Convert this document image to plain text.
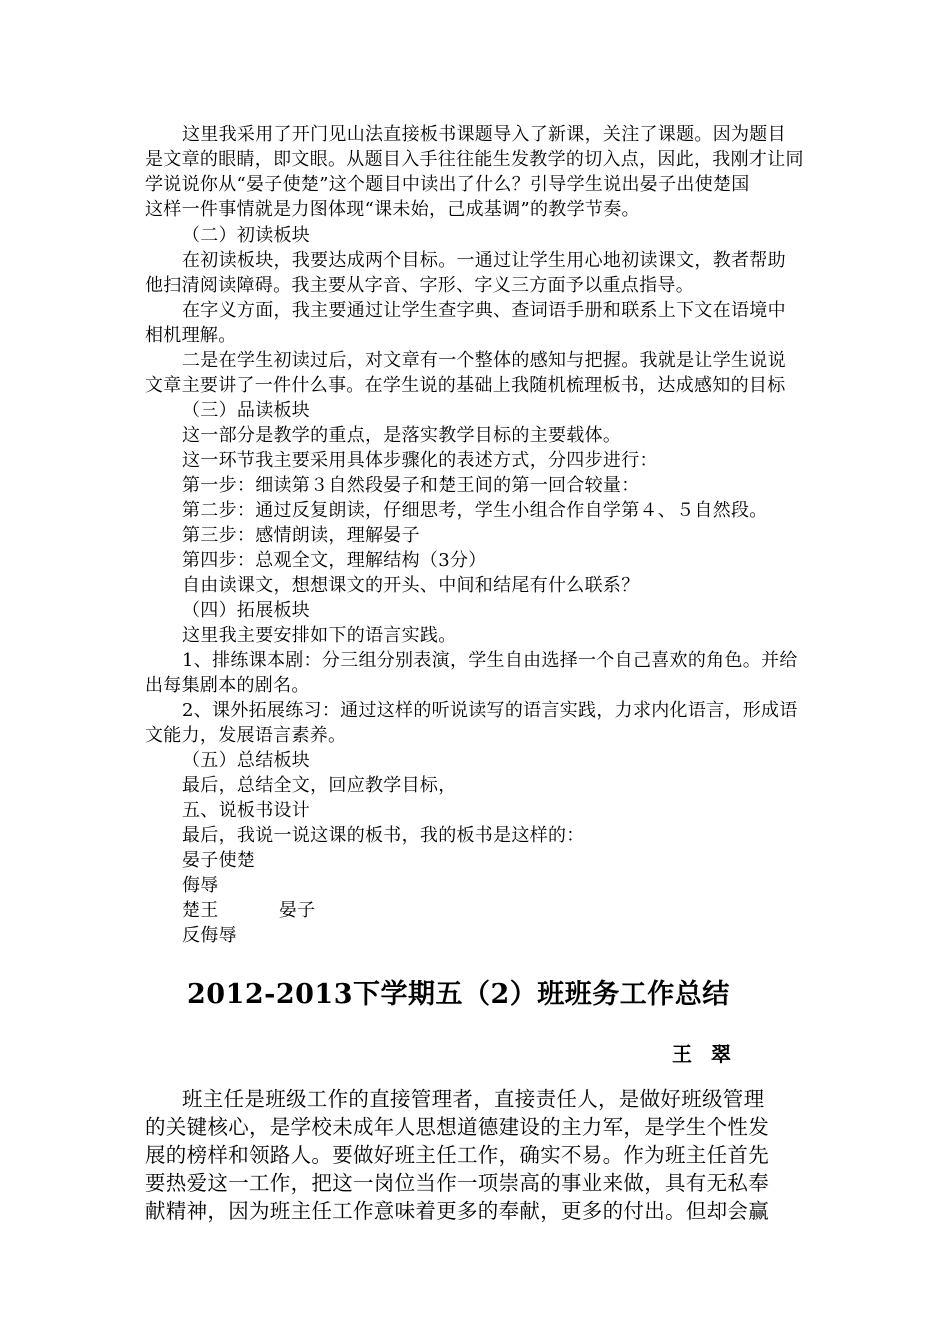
这里我采用了开门见山法直接板书课题导入了新课，关注了课题。因为题目
是文章的眼睛，即文眼。从题目入手往往能生发教学的切入点，因此，我刚才让同
学说说你从“晏子使楚”这个题目中读出了什么？引导学生说出晏子出使楚国
这样一件事情就是力图体现“课未始，己成基调”的教学节奏。
（二）初读板块
在初读板块，我要达成两个目标。一通过让学生用心地初读课文，教者帮助
他扫清阅读障碍。我主要从字音、字形、字义三方面予以重点指导。
在字义方面，我主要通过让学生查字典、查词语手册和联系上下文在语境中
相机理解。
二是在学生初读过后，对文章有一个整体的感知与把握。我就是让学生说说
文章主要讲了一件什么事。在学生说的基础上我随机梳理板书，达成感知的目标
（三）品读板块
这一部分是教学的重点，是落实教学目标的主要载体。
这一环节我主要采用具体步骤化的表述方式，分四步进行：
第一步：细读第３自然段晏子和楚王间的第一回合较量：
第二步：通过反复朗读，仔细思考，学生小组合作自学第４、５自然段。
第三步：感情朗读，理解晏子
第四步：总观全文，理解结构（3分）
自由读课文，想想课文的开头、中间和结尾有什么联系？
（四）拓展板块
这里我主要安排如下的语言实践。
1、排练课本剧：分三组分别表演，学生自由选择一个自己喜欢的角色。并给
出每集剧本的剧名。
2、课外拓展练习：通过这样的听说读写的语言实践，力求内化语言，形成语
文能力，发展语言素养。
（五）总结板块
最后，总结全文，回应教学目标，
五、说板书设计
最后，我说一说这课的板书，我的板书是这样的：
晏子使楚
侮辱
楚王          晏子
反侮辱
2012-2013下学期五（2）班班务工作总结
王 翠
班主任是班级工作的直接管理者，直接责任人，是做好班级管理
的关键核心，是学校未成年人思想道德建设的主力军，是学生个性发
展的榜样和领路人。要做好班主任工作，确实不易。作为班主任首先
要热爱这一工作，把这一岗位当作一项崇高的事业来做，具有无私奉
献精神，因为班主任工作意味着更多的奉献，更多的付出。但却会赢
